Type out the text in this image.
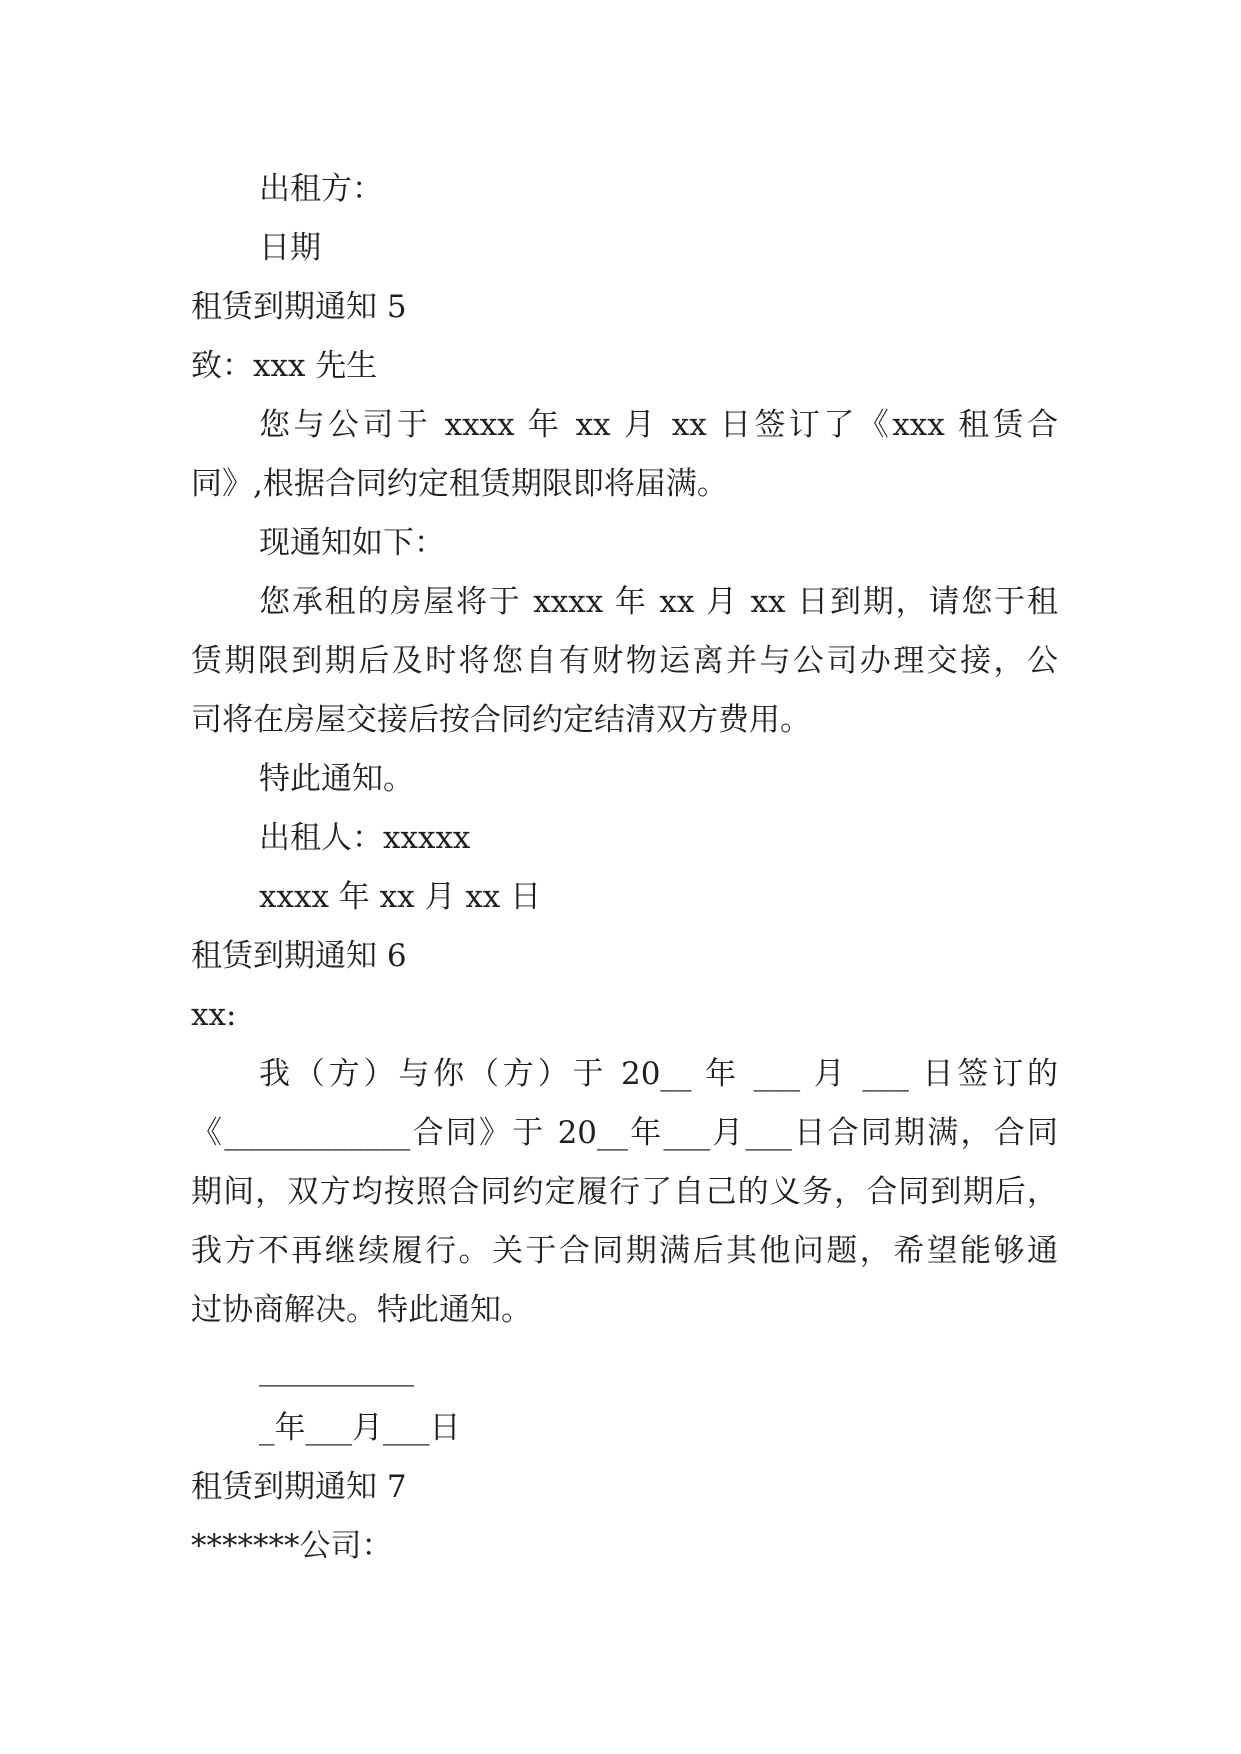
出租方：
日期
租赁到期通知 5
致：xxx 先生
您与公司于 xxxx 年 xx 月 xx 日签订了《xxx 租赁合
同》,根据合同约定租赁期限即将届满。
现通知如下：
您承租的房屋将于 xxxx 年 xx 月 xx 日到期，请您于租
赁期限到期后及时将您自有财物运离并与公司办理交接，公
司将在房屋交接后按合同约定结清双方费用。
特此通知。
出租人：xxxxx
xxxx 年 xx 月 xx 日
租赁到期通知 6
xx:
我（方）与你（方）于 20__ 年 ___ 月 ___ 日签订的
《____________合同》于 20__年___月___日合同期满，合同
期间，双方均按照合同约定履行了自己的义务，合同到期后，
我方不再继续履行。关于合同期满后其他问题，希望能够通
过协商解决。特此通知。
__________
_年___月___日
租赁到期通知 7
*******公司：
